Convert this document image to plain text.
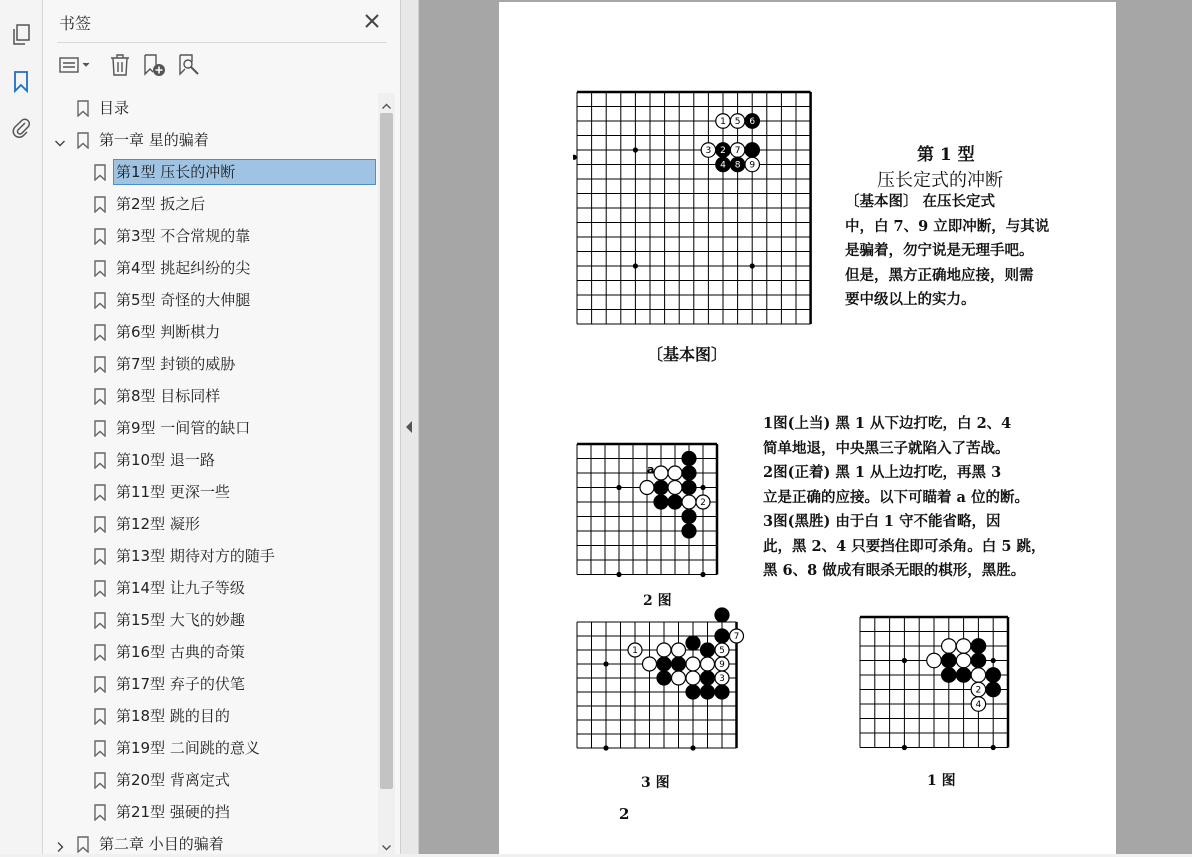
书签
目录
第一章 星的骗着
第1型 压长的冲断
第2型 扳之后
第3型 不合常规的靠
第4型 挑起纠纷的尖
第5型 奇怪的大伸腿
第6型 判断棋力
第7型 封锁的威胁
第8型 目标同样
第9型 一间管的缺口
第10型 退一路
第11型 更深一些
第12型 凝形
第13型 期待对方的随手
第14型 让九子等级
第15型 大飞的妙趣
第16型 古典的奇策
第17型 弃子的伏笔
第18型 跳的目的
第19型 二间跳的意义
第20型 背离定式
第21型 强硬的挡
第二章 小目的骗着
1 5 6
3 2 7
4 8 9
〔基本图〕
第 1 型
压长定式的冲断
〔基本图〕 在压长定式
中，白 7、9 立即冲断，与其说
是骗着，勿宁说是无理手吧。
但是，黑方正确地应接，则需
要中级以上的实力。
1图(上当) 黑 1 从下边打吃，白 2、4
简单地退，中央黑三子就陷入了苦战。
2图(正着) 黑 1 从上边打吃，再黑 3
立是正确的应接。以下可瞄着 a 位的断。
3图(黑胜) 由于白 1 守不能省略，因
此，黑 2、4 只要挡住即可杀角。白 5 跳，
黑 6、8 做成有眼杀无眼的棋形，黑胜。
2
a
2 图
7
1	5
9
3
3 图
2
4
1 图
2
